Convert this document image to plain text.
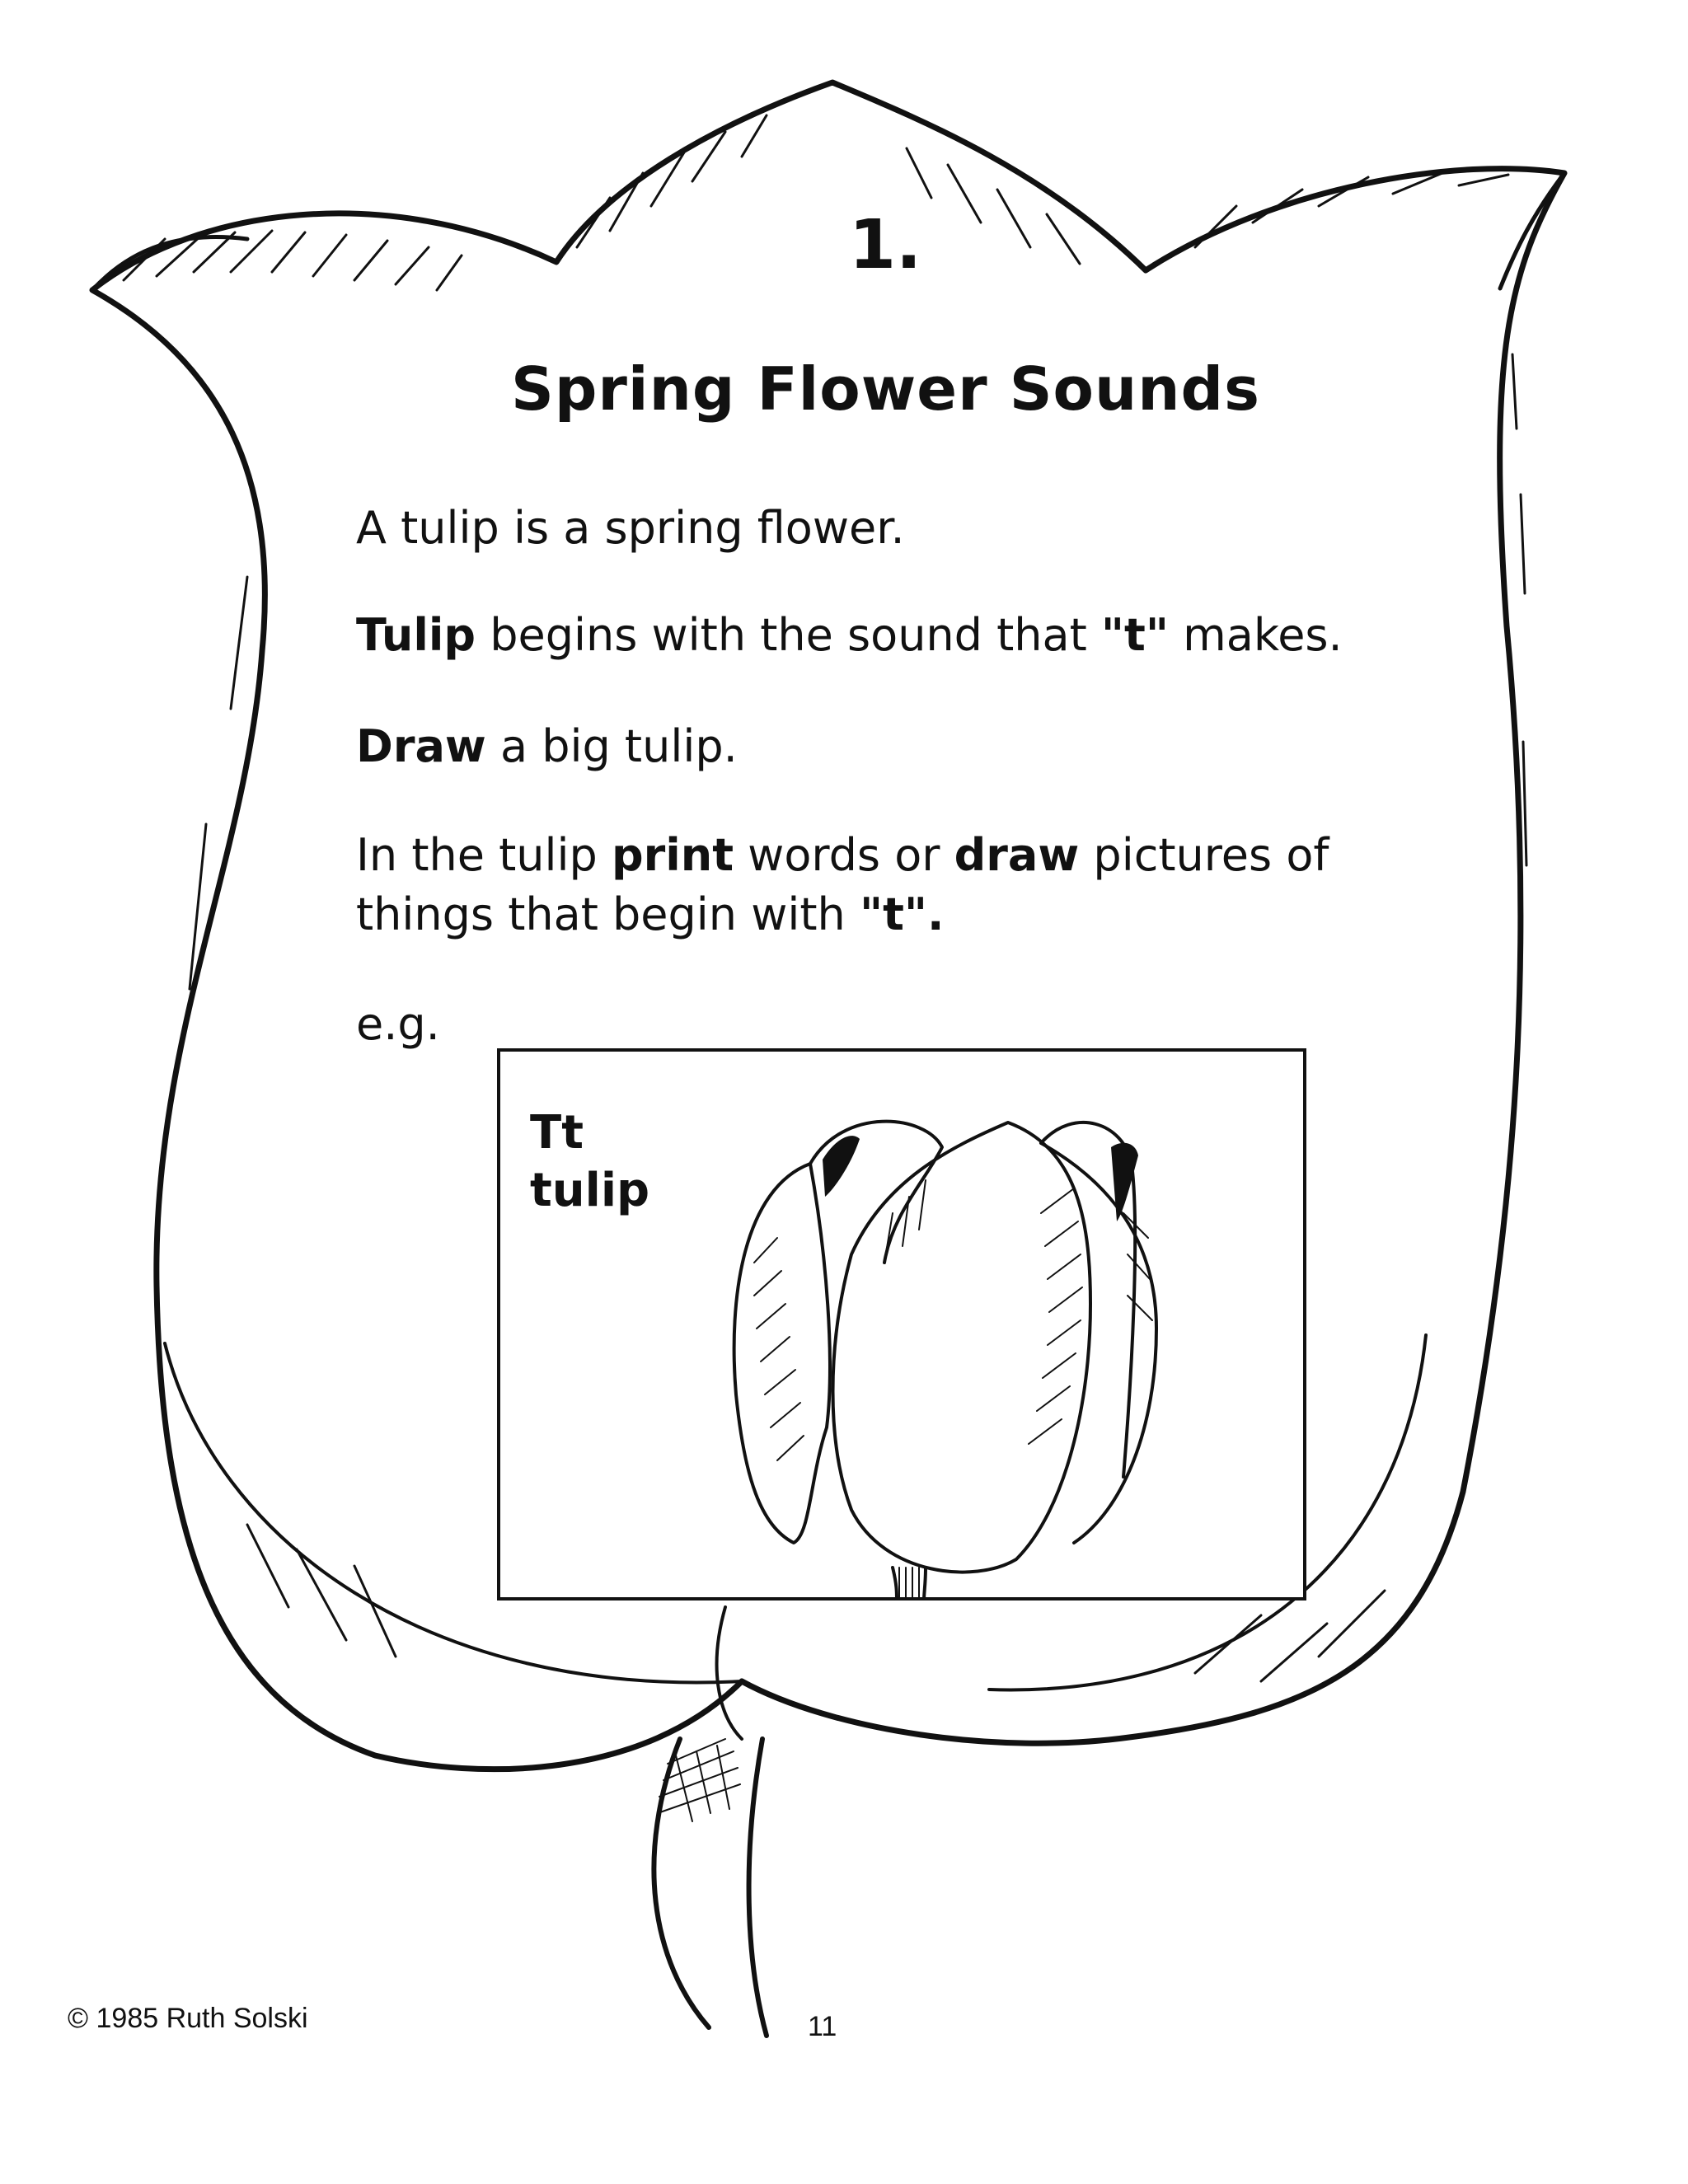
1.
Spring Flower Sounds
A tulip is a spring flower.
Tulip begins with the sound that "t" makes.
Draw a big tulip.
In the tulip print words or draw pictures of
things that begin with "t".
e.g.
Tt
tulip
© 1985 Ruth Solski	11
